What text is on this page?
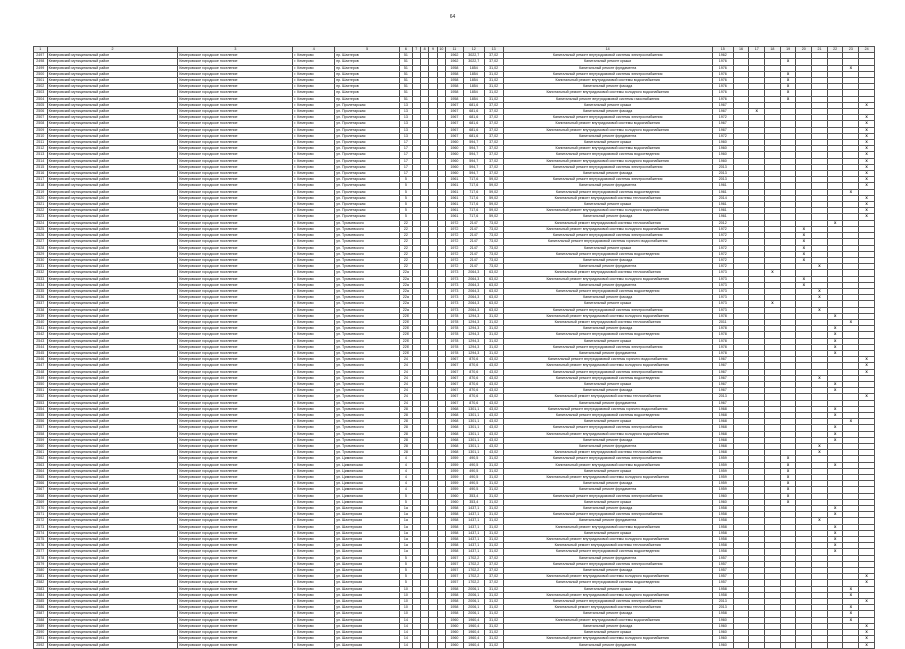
64
1	2	3	4	5	6	7	8	9	10	11	12	13	14	15	16	17	18	19	20	21	22	23	24
2497	Кемеровский муниципальный район	Кемеровское городское поселение	г. Кемерово	пр. Шахтеров	51					1962	3022,7	37,02	Капитальный ремонт внутридомовой системы электроснабжения	1962									
2498	Кемеровский муниципальный район	Кемеровское городское поселение	г. Кемерово	пр. Шахтеров	51					1962	3022,7	37,02	Капитальный ремонт крыши	1976				X					
2499	Кемеровский муниципальный район	Кемеровское городское поселение	г. Кемерово	пр. Шахтеров	51					1958	1854	31,02	Капитальный ремонт фундамента	1976								X	
2500	Кемеровский муниципальный район	Кемеровское городское поселение	г. Кемерово	пр. Шахтеров	51					1958	1854	31,02	Капитальный ремонт внутридомовой системы электроснабжения	1976				X					
2501	Кемеровский муниципальный район	Кемеровское городское поселение	г. Кемерово	пр. Шахтеров	51					1958	1854	31,02	Капитальный ремонт внутридомовой системы водоснабжения	1976				X					
2502	Кемеровский муниципальный район	Кемеровское городское поселение	г. Кемерово	пр. Шахтеров	51					1958	1854	31,02	Капитальный ремонт фасада	1976				X					
2503	Кемеровский муниципальный район	Кемеровское городское поселение	г. Кемерово	пр. Шахтеров	51					1958	1854	31,02	Капитальный ремонт внутридомовой системы холодного водоснабжения	1976				X					
2504	Кемеровский муниципальный район	Кемеровское городское поселение	г. Кемерово	пр. Шахтеров	51					1958	1854	31,02	Капитальный ремонт внутридомовой системы газоснабжения	1976				X					
2505	Кемеровский муниципальный район	Кемеровское городское поселение	г. Кемерово	ул. Пролетарская	13					1967	681,6	37,02	Капитальный ремонт крыши	1967									X
2506	Кемеровский муниципальный район	Кемеровское городское поселение	г. Кемерово	ул. Пролетарская	13					1967	681,6	37,02	Капитальный ремонт фасада	1967		X							
2507	Кемеровский муниципальный район	Кемеровское городское поселение	г. Кемерово	ул. Пролетарская	13					1967	681,6	37,02	Капитальный ремонт внутридомовой системы электроснабжения	1972									X
2508	Кемеровский муниципальный район	Кемеровское городское поселение	г. Кемерово	ул. Пролетарская	13					1967	681,6	37,02	Капитальный ремонт внутридомовой системы водоснабжения	1967									X
2509	Кемеровский муниципальный район	Кемеровское городское поселение	г. Кемерово	ул. Пролетарская	13					1967	681,6	37,02	Капитальный ремонт внутридомовой системы холодного водоснабжения	1967									X
2510	Кемеровский муниципальный район	Кемеровское городское поселение	г. Кемерово	ул. Пролетарская	13					1967	681,6	37,02	Капитальный ремонт фундамента	1972									X
2511	Кемеровский муниципальный район	Кемеровское городское поселение	г. Кемерово	ул. Пролетарская	17					1960	594,7	37,02	Капитальный ремонт крыши	1960									X
2512	Кемеровский муниципальный район	Кемеровское городское поселение	г. Кемерово	ул. Пролетарская	17					1960	594,7	37,02	Капитальный ремонт внутридомовой системы водоснабжения	1960									X
2513	Кемеровский муниципальный район	Кемеровское городское поселение	г. Кемерово	ул. Пролетарская	17					1960	594,7	37,02	Капитальный ремонт внутридомовой системы водоотведения	1960									X
2514	Кемеровский муниципальный район	Кемеровское городское поселение	г. Кемерово	ул. Пролетарская	17					1960	594,7	37,02	Капитальный ремонт внутридомовой системы холодного водоснабжения	1960									X
2515	Кемеровский муниципальный район	Кемеровское городское поселение	г. Кемерово	ул. Пролетарская	17					1960	594,7	37,02	Капитальный ремонт внутридомовой системы электроснабжения	2013									X
2516	Кемеровский муниципальный район	Кемеровское городское поселение	г. Кемерово	ул. Пролетарская	17					1960	594,7	37,02	Капитальный ремонт фасада	2013									X
2517	Кемеровский муниципальный район	Кемеровское городское поселение	г. Кемерово	ул. Пролетарская	5					1961	717,6	59,02	Капитальный ремонт внутридомовой системы электроснабжения	2013									X
2518	Кемеровский муниципальный район	Кемеровское городское поселение	г. Кемерово	ул. Пролетарская	5					1961	717,6	59,02	Капитальный ремонт фундамента	1961									X
2519	Кемеровский муниципальный район	Кемеровское городское поселение	г. Кемерово	ул. Пролетарская	5					1961	717,6	59,02	Капитальный ремонт внутридомовой системы водоотведения	1961								X	
2520	Кемеровский муниципальный район	Кемеровское городское поселение	г. Кемерово	ул. Пролетарская	5					1961	717,6	59,02	Капитальный ремонт внутридомовой системы теплоснабжения	2014									X
2521	Кемеровский муниципальный район	Кемеровское городское поселение	г. Кемерово	ул. Пролетарская	5					1961	717,6	59,02	Капитальный ремонт крыши	1961									X
2522	Кемеровский муниципальный район	Кемеровское городское поселение	г. Кемерово	ул. Пролетарская	5					1961	717,6	59,02	Капитальный ремонт внутридомовой системы холодного водоснабжения	1961									X
2523	Кемеровский муниципальный район	Кемеровское городское поселение	г. Кемерово	ул. Пролетарская	5					1961	717,6	59,02	Капитальный ремонт фасада	1961									X
2524	Кемеровский муниципальный район	Кемеровское городское поселение	г. Кемерово	ул. Тухачевского	22					1972	2147	73,02	Капитальный ремонт внутридомовой системы теплоснабжения	2012							X		
2525	Кемеровский муниципальный район	Кемеровское городское поселение	г. Кемерово	ул. Тухачевского	22					1972	2147	73,02	Капитальный ремонт внутридомовой системы холодного водоснабжения	1972					X				
2526	Кемеровский муниципальный район	Кемеровское городское поселение	г. Кемерово	ул. Тухачевского	22					1972	2147	73,02	Капитальный ремонт внутридомовой системы электроснабжения	1972					X				
2527	Кемеровский муниципальный район	Кемеровское городское поселение	г. Кемерово	ул. Тухачевского	22					1972	2147	73,02	Капитальный ремонт внутридомовой системы горячего водоснабжения	1972					X				
2528	Кемеровский муниципальный район	Кемеровское городское поселение	г. Кемерово	ул. Тухачевского	22					1972	2147	73,02	Капитальный ремонт крыши	1972					X				
2529	Кемеровский муниципальный район	Кемеровское городское поселение	г. Кемерово	ул. Тухачевского	22					1972	2147	73,02	Капитальный ремонт внутридомовой системы водоотведения	1972					X				
2530	Кемеровский муниципальный район	Кемеровское городское поселение	г. Кемерово	ул. Тухачевского	22					1972	2147	73,02	Капитальный ремонт фасада	1972					X				
2531	Кемеровский муниципальный район	Кемеровское городское поселение	г. Кемерово	ул. Тухачевского	22					1972	2147	73,02	Капитальный ремонт фундамента	1972						X			
2532	Кемеровский муниципальный район	Кемеровское городское поселение	г. Кемерово	ул. Тухачевского	22а					1973	2064,3	63,02	Капитальный ремонт внутридомовой системы теплоснабжения	1973			X						
2533	Кемеровский муниципальный район	Кемеровское городское поселение	г. Кемерово	ул. Тухачевского	22а					1973	2064,3	63,02	Капитальный ремонт внутридомовой системы холодного водоснабжения	1973					X				
2534	Кемеровский муниципальный район	Кемеровское городское поселение	г. Кемерово	ул. Тухачевского	22а					1973	2064,3	63,02	Капитальный ремонт фундамента	1973					X				
2535	Кемеровский муниципальный район	Кемеровское городское поселение	г. Кемерово	ул. Тухачевского	22а					1973	2064,3	63,02	Капитальный ремонт внутридомовой системы водоотведения	1973						X			
2536	Кемеровский муниципальный район	Кемеровское городское поселение	г. Кемерово	ул. Тухачевского	22а					1973	2064,3	63,02	Капитальный ремонт фасада	1973						X			
2537	Кемеровский муниципальный район	Кемеровское городское поселение	г. Кемерово	ул. Тухачевского	22а					1973	2064,3	63,02	Капитальный ремонт крыши	1973			X						
2538	Кемеровский муниципальный район	Кемеровское городское поселение	г. Кемерово	ул. Тухачевского	22а					1973	2064,3	63,02	Капитальный ремонт внутридомовой системы электроснабжения	1973						X			
2539	Кемеровский муниципальный район	Кемеровское городское поселение	г. Кемерово	ул. Тухачевского	22б					1978	1294,3	31,02	Капитальный ремонт внутридомовой системы холодного водоснабжения	1978							X		
2540	Кемеровский муниципальный район	Кемеровское городское поселение	г. Кемерово	ул. Тухачевского	22б					1978	1294,3	31,02	Капитальный ремонт внутридомовой системы теплоснабжения	2011								X	
2541	Кемеровский муниципальный район	Кемеровское городское поселение	г. Кемерово	ул. Тухачевского	22б					1978	1294,3	31,02	Капитальный ремонт фасада	1978							X		
2542	Кемеровский муниципальный район	Кемеровское городское поселение	г. Кемерово	ул. Тухачевского	22б					1978	1294,3	31,02	Капитальный ремонт внутридомовой системы водоотведения	1978							X		
2543	Кемеровский муниципальный район	Кемеровское городское поселение	г. Кемерово	ул. Тухачевского	22б					1978	1294,3	31,02	Капитальный ремонт крыши	1978							X		
2544	Кемеровский муниципальный район	Кемеровское городское поселение	г. Кемерово	ул. Тухачевского	22б					1978	1294,3	31,02	Капитальный ремонт внутридомовой системы электроснабжения	1978							X		
2545	Кемеровский муниципальный район	Кемеровское городское поселение	г. Кемерово	ул. Тухачевского	22б					1978	1294,3	31,02	Капитальный ремонт фундамента	1978							X		
2546	Кемеровский муниципальный район	Кемеровское городское поселение	г. Кемерово	ул. Тухачевского	24					1967	870,6	43,02	Капитальный ремонт внутридомовой системы горячего водоснабжения	1967									X
2547	Кемеровский муниципальный район	Кемеровское городское поселение	г. Кемерово	ул. Тухачевского	24					1967	870,6	43,02	Капитальный ремонт внутридомовой системы холодного водоснабжения	1967									X
2548	Кемеровский муниципальный район	Кемеровское городское поселение	г. Кемерово	ул. Тухачевского	24					1967	870,6	43,02	Капитальный ремонт внутридомовой системы электроснабжения	1967									X
2549	Кемеровский муниципальный район	Кемеровское городское поселение	г. Кемерово	ул. Тухачевского	24					1967	870,6	43,02	Капитальный ремонт внутридомовой системы водоотведения	1967						X			
2550	Кемеровский муниципальный район	Кемеровское городское поселение	г. Кемерово	ул. Тухачевского	24					1967	870,6	43,02	Капитальный ремонт крыши	1967							X		
2551	Кемеровский муниципальный район	Кемеровское городское поселение	г. Кемерово	ул. Тухачевского	24					1967	870,6	43,02	Капитальный ремонт фасада	1967							X		
2552	Кемеровский муниципальный район	Кемеровское городское поселение	г. Кемерово	ул. Тухачевского	24					1967	870,6	43,02	Капитальный ремонт внутридомовой системы теплоснабжения	2013									X
2553	Кемеровский муниципальный район	Кемеровское городское поселение	г. Кемерово	ул. Тухачевского	24					1967	870,6	43,02	Капитальный ремонт фундамента	1967									
2554	Кемеровский муниципальный район	Кемеровское городское поселение	г. Кемерово	ул. Тухачевского	28					1968	1301,1	43,02	Капитальный ремонт внутридомовой системы горячего водоснабжения	1968							X		
2555	Кемеровский муниципальный район	Кемеровское городское поселение	г. Кемерово	ул. Тухачевского	28					1968	1301,1	43,02	Капитальный ремонт внутридомовой системы водоотведения	1968							X		
2556	Кемеровский муниципальный район	Кемеровское городское поселение	г. Кемерово	ул. Тухачевского	28					1968	1301,1	43,02	Капитальный ремонт крыши	1968								X	
2557	Кемеровский муниципальный район	Кемеровское городское поселение	г. Кемерово	ул. Тухачевского	28					1968	1301,1	43,02	Капитальный ремонт внутридомовой системы электроснабжения	1968							X		
2558	Кемеровский муниципальный район	Кемеровское городское поселение	г. Кемерово	ул. Тухачевского	28					1968	1301,1	43,02	Капитальный ремонт внутридомовой системы холодного водоснабжения	1968							X		
2559	Кемеровский муниципальный район	Кемеровское городское поселение	г. Кемерово	ул. Тухачевского	28					1968	1301,1	43,02	Капитальный ремонт фасада	1968							X		
2560	Кемеровский муниципальный район	Кемеровское городское поселение	г. Кемерово	ул. Тухачевского	28					1968	1301,1	43,02	Капитальный ремонт фундамента	1968						X			
2561	Кемеровский муниципальный район	Кемеровское городское поселение	г. Кемерово	ул. Тухачевского	28					1968	1301,1	43,02	Капитальный ремонт внутридомовой системы теплоснабжения	1968						X			
2562	Кемеровский муниципальный район	Кемеровское городское поселение	г. Кемерово	ул. Цимлянская	4					1959	490,5	31,02	Капитальный ремонт внутридомовой системы электроснабжения	1959				X					
2563	Кемеровский муниципальный район	Кемеровское городское поселение	г. Кемерово	ул. Цимлянская	4					1959	490,5	31,02	Капитальный ремонт внутридомовой системы водоснабжения	1959				X			X		
2564	Кемеровский муниципальный район	Кемеровское городское поселение	г. Кемерово	ул. Цимлянская	4					1959	490,5	31,02	Капитальный ремонт крыши	1959				X					
2565	Кемеровский муниципальный район	Кемеровское городское поселение	г. Кемерово	ул. Цимлянская	4					1959	490,5	31,02	Капитальный ремонт внутридомовой системы холодного водоснабжения	1959				X					
2566	Кемеровский муниципальный район	Кемеровское городское поселение	г. Кемерово	ул. Цимлянская	4					1959	490,5	31,02	Капитальный ремонт фасада	1959				X					
2567	Кемеровский муниципальный район	Кемеровское городское поселение	г. Кемерово	ул. Цимлянская	4					1959	490,5	31,02	Капитальный ремонт фундамента	1959				X					
2568	Кемеровский муниципальный район	Кемеровское городское поселение	г. Кемерово	ул. Цимлянская	5					1960	353,4	31,02	Капитальный ремонт внутридомовой системы электроснабжения	1960				X					
2569	Кемеровский муниципальный район	Кемеровское городское поселение	г. Кемерово	ул. Цимлянская	5					1960	353,4	31,02	Капитальный ремонт крыши	1960				X					
2570	Кемеровский муниципальный район	Кемеровское городское поселение	г. Кемерово	ул. Шахтерская	1а					1958	1437,1	31,02	Капитальный ремонт фасада	1958							X		
2571	Кемеровский муниципальный район	Кемеровское городское поселение	г. Кемерово	ул. Шахтерская	1а					1958	1437,1	31,02	Капитальный ремонт внутридомовой системы электроснабжения	1958							X		
2572	Кемеровский муниципальный район	Кемеровское городское поселение	г. Кемерово	ул. Шахтерская	1а					1958	1437,1	31,02	Капитальный ремонт фундамента	1958						X			
2573	Кемеровский муниципальный район	Кемеровское городское поселение	г. Кемерово	ул. Шахтерская	1а					1958	1437,1	31,02	Капитальный ремонт внутридомовой системы водоснабжения	1958							X		
2574	Кемеровский муниципальный район	Кемеровское городское поселение	г. Кемерово	ул. Шахтерская	1а					1958	1437,1	31,02	Капитальный ремонт крыши	1958							X		
2575	Кемеровский муниципальный район	Кемеровское городское поселение	г. Кемерово	ул. Шахтерская	1а					1958	1437,1	31,02	Капитальный ремонт внутридомовой системы холодного водоснабжения	1958							X		
2576	Кемеровский муниципальный район	Кемеровское городское поселение	г. Кемерово	ул. Шахтерская	1а					1958	1437,1	31,02	Капитальный ремонт внутридомовой системы теплоснабжения	1958							X		
2577	Кемеровский муниципальный район	Кемеровское городское поселение	г. Кемерово	ул. Шахтерская	1а					1958	1437,1	31,02	Капитальный ремонт внутридомовой системы водоотведения	1958							X		
2578	Кемеровский муниципальный район	Кемеровское городское поселение	г. Кемерово	ул. Шахтерская	5					1957	1702,2	37,02	Капитальный ремонт фундамента	1957									
2579	Кемеровский муниципальный район	Кемеровское городское поселение	г. Кемерово	ул. Шахтерская	5					1957	1702,2	37,02	Капитальный ремонт внутридомовой системы электроснабжения	1957									
2580	Кемеровский муниципальный район	Кемеровское городское поселение	г. Кемерово	ул. Шахтерская	5					1957	1702,2	37,02	Капитальный ремонт фасада	1957									
2581	Кемеровский муниципальный район	Кемеровское городское поселение	г. Кемерово	ул. Шахтерская	5					1957	1702,2	37,02	Капитальный ремонт внутридомовой системы холодного водоснабжения	1957									X
2582	Кемеровский муниципальный район	Кемеровское городское поселение	г. Кемерово	ул. Шахтерская	5					1957	1702,2	37,02	Капитальный ремонт внутридомовой системы водоотведения	1957									X
2583	Кемеровский муниципальный район	Кемеровское городское поселение	г. Кемерово	ул. Шахтерская	10					1958	2006,1	31,02	Капитальный ремонт крыши	1958								X	
2584	Кемеровский муниципальный район	Кемеровское городское поселение	г. Кемерово	ул. Шахтерская	10					1958	2006,1	31,02	Капитальный ремонт внутридомовой системы холодного водоснабжения	1958								X	
2585	Кемеровский муниципальный район	Кемеровское городское поселение	г. Кемерово	ул. Шахтерская	10					1958	2006,1	31,02	Капитальный ремонт внутридомовой системы электроснабжения	2013									X
2586	Кемеровский муниципальный район	Кемеровское городское поселение	г. Кемерово	ул. Шахтерская	10					1958	2006,1	31,02	Капитальный ремонт внутридомовой системы теплоснабжения	2013								X	
2587	Кемеровский муниципальный район	Кемеровское городское поселение	г. Кемерово	ул. Шахтерская	10					1958	2006,1	31,02	Капитальный ремонт фасада	1958								X	
2588	Кемеровский муниципальный район	Кемеровское городское поселение	г. Кемерово	ул. Шахтерская	14					1960	1960,4	31,02	Капитальный ремонт внутридомовой системы водоснабжения	1960								X	
2589	Кемеровский муниципальный район	Кемеровское городское поселение	г. Кемерово	ул. Шахтерская	14					1960	1960,4	31,02	Капитальный ремонт фасада	1960									X
2590	Кемеровский муниципальный район	Кемеровское городское поселение	г. Кемерово	ул. Шахтерская	14					1960	1960,4	31,02	Капитальный ремонт крыши	1960									X
2591	Кемеровский муниципальный район	Кемеровское городское поселение	г. Кемерово	ул. Шахтерская	14					1960	1960,4	31,02	Капитальный ремонт внутридомовой системы холодного водоснабжения	1960									X
2592	Кемеровский муниципальный район	Кемеровское городское поселение	г. Кемерово	ул. Шахтерская	14					1960	1960,4	31,02	Капитальный ремонт фундамента	1960									X
